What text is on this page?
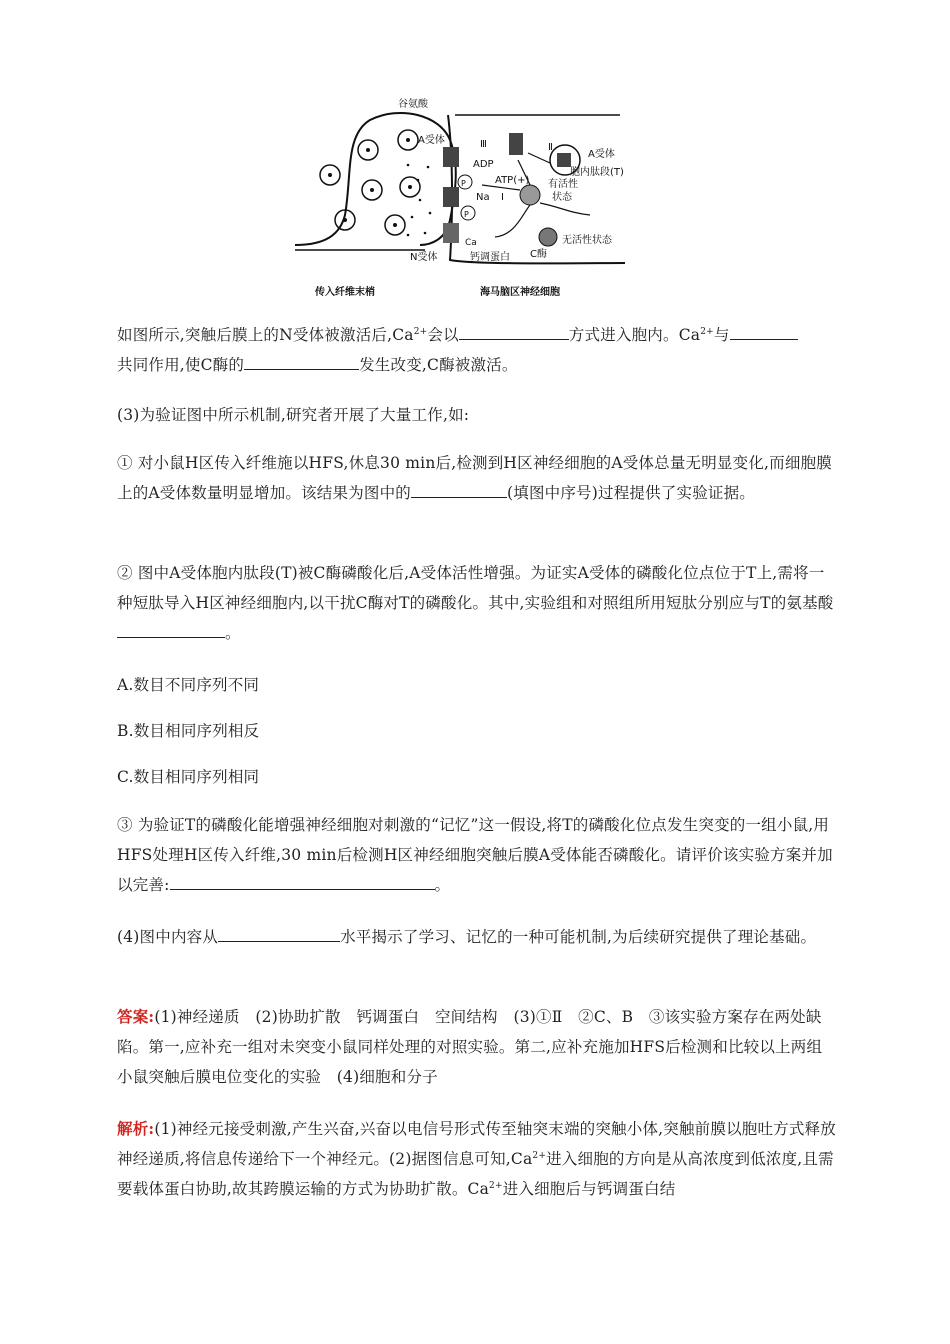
谷氨酸
A受体
ADP
ATP(+)
Na Ⅰ
Ⅱ
Ⅲ
P
P
有活性
状态
A受体
胞内肽段(T)
Ca
钙调蛋白 C酶
无活性状态
N受体
传入纤维末梢	海马脑区神经细胞
如图所示,突触后膜上的N受体被激活后$,Ca^{2+}$会以	方式进入胞内。$Ca^{2+}$与
共同作用,使C酶的	发生改变,C酶被激活。
(3)为验证图中所示机制,研究者开展了大量工作,如:
① 对小鼠H区传入纤维施以HFS,休息30 min后,检测到H区神经细胞的A受体总量无明显变化,而细胞膜上的A受体数量明显增加。该结果为图中的	(填图中序号)过程提供了实验证据。
② 图中A受体胞内肽段(T)被C酶磷酸化后,A受体活性增强。为证实A受体的磷酸化位点位于T上,需将一种短肽导入H区神经细胞内,以干扰C酶对T的磷酸化。其中,实验组和对照组所用短肽分别应与T的氨基酸。
A.数目不同序列不同
B.数目相同序列相反
C.数目相同序列相同
③ 为验证T的磷酸化能增强神经细胞对刺激的“记忆”这一假设,将T的磷酸化位点发生突变的一组小鼠,用HFS处理H区传入纤维,30 min后检测H区神经细胞突触后膜A受体能否磷酸化。请评价该实验方案并加以完善:	。
(4)图中内容从	水平揭示了学习、记忆的一种可能机制,为后续研究提供了理论基础。
答案:(1)神经递质　(2)协助扩散　钙调蛋白　空间结构　(3)①Ⅱ　②C、B　③该实验方案存在两处缺陷。第一,应补充一组对未突变小鼠同样处理的对照实验。第二,应补充施加HFS后检测和比较以上两组小鼠突触后膜电位变化的实验　(4)细胞和分子
解析:(1)神经元接受刺激,产生兴奋,兴奋以电信号形式传至轴突末端的突触小体,突触前膜以胞吐方式释放神经递质,将信息传递给下一个神经元。(2)据图信息可知$,Ca^{2+}$进入细胞的方向是从高浓度到低浓度,且需要载体蛋白协助,故其跨膜运输的方式为协助扩散。$Ca^{2+}$进入细胞后与钙调蛋白结
